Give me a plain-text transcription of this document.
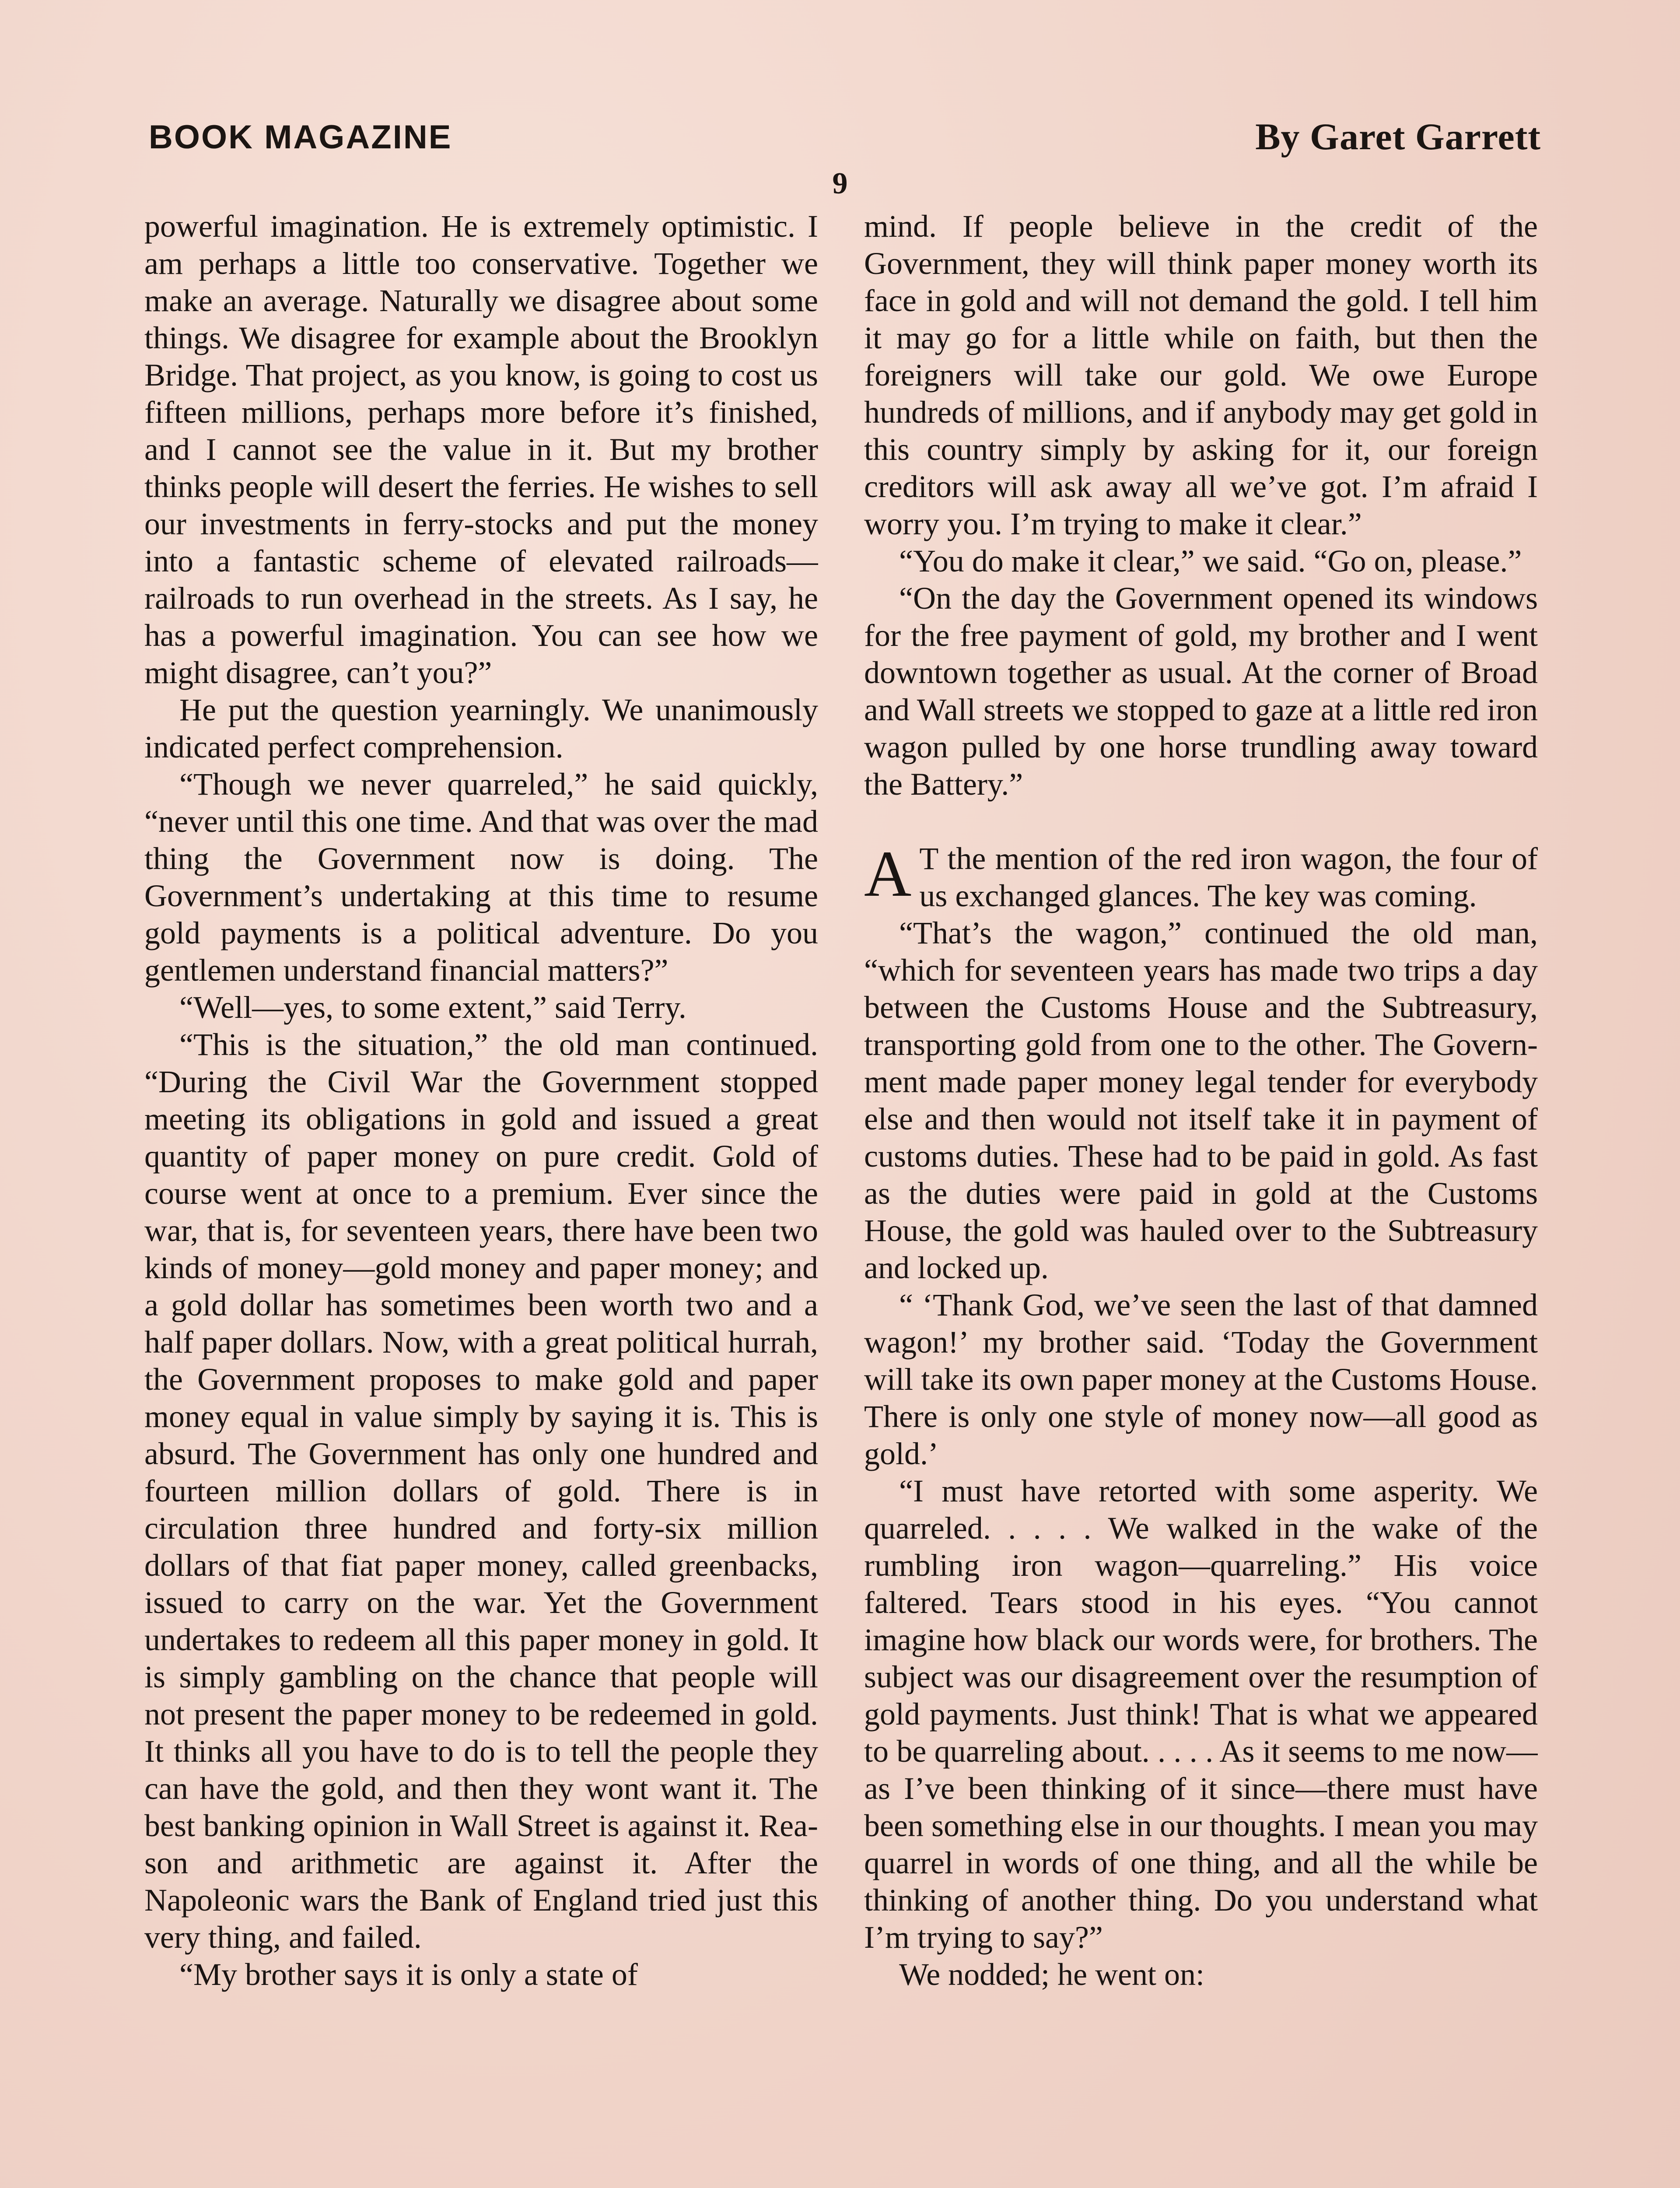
BOOK MAGAZINE	By Garet Garrett
9

powerful imagination. He is extremely optimistic. I am perhaps a little too conservative. Together we make an average. Naturally we disagree about some things. We disagree for example about the Brooklyn Bridge. That project, as you know, is going to cost us fifteen millions, perhaps more before it’s finished, and I cannot see the value in it. But my brother thinks people will desert the ferries. He wishes to sell our investments in ferry-stocks and put the money into a fantastic scheme of elevated railroads—railroads to run overhead in the streets. As I say, he has a powerful imagination. You can see how we might disagree, can’t you?”

He put the question yearningly. We unanimously indicated perfect comprehension.

“Though we never quarreled,” he said quickly, “never until this one time. And that was over the mad thing the Government now is doing. The Government’s undertaking at this time to resume gold payments is a political adventure. Do you gentlemen understand financial matters?”

“Well—yes, to some extent,” said Terry.

“This is the situation,” the old man continued. “During the Civil War the Government stopped meeting its obligations in gold and issued a great quantity of paper money on pure credit. Gold of course went at once to a premium. Ever since the war, that is, for seventeen years, there have been two kinds of money—gold money and paper money; and a gold dollar has sometimes been worth two and a half paper dollars. Now, with a great political hurrah, the Government proposes to make gold and paper money equal in value simply by saying it is. This is absurd. The Government has only one hundred and fourteen million dollars of gold. There is in circulation three hundred and forty-six million dollars of that fiat paper money, called greenbacks, issued to carry on the war. Yet the Government undertakes to redeem all this paper money in gold. It is simply gambling on the chance that people will not present the paper money to be redeemed in gold. It thinks all you have to do is to tell the people they can have the gold, and then they wont want it. The best banking opinion in Wall Street is against it. Reason and arithmetic are against it. After the Napoleonic wars the Bank of England tried just this very thing, and failed.

“My brother says it is only a state of

mind. If people believe in the credit of the Government, they will think paper money worth its face in gold and will not demand the gold. I tell him it may go for a little while on faith, but then the foreigners will take our gold. We owe Europe hundreds of millions, and if anybody may get gold in this country simply by asking for it, our foreign creditors will ask away all we’ve got. I’m afraid I worry you. I’m trying to make it clear.”

“You do make it clear,” we said. “Go on, please.”

“On the day the Government opened its windows for the free payment of gold, my brother and I went downtown together as usual. At the corner of Broad and Wall streets we stopped to gaze at a little red iron wagon pulled by one horse trundling away toward the Battery.”

A T the mention of the red iron wagon, the four of us exchanged glances. The key was coming.

“That’s the wagon,” continued the old man, “which for seventeen years has made two trips a day between the Customs House and the Subtreasury, transporting gold from one to the other. The Government made paper money legal tender for everybody else and then would not itself take it in payment of customs duties. These had to be paid in gold. As fast as the duties were paid in gold at the Customs House, the gold was hauled over to the Subtreasury and locked up.

“ ‘Thank God, we’ve seen the last of that damned wagon!’ my brother said. ‘Today the Government will take its own paper money at the Customs House. There is only one style of money now—all good as gold.’

“I must have retorted with some asperity. We quarreled. . . . . We walked in the wake of the rumbling iron wagon—quarreling.” His voice faltered. Tears stood in his eyes. “You cannot imagine how black our words were, for brothers. The subject was our disagreement over the resumption of gold payments. Just think! That is what we appeared to be quarreling about. . . . . As it seems to me now—as I’ve been thinking of it since—there must have been something else in our thoughts. I mean you may quarrel in words of one thing, and all the while be thinking of another thing. Do you understand what I’m trying to say?”

We nodded; he went on:
